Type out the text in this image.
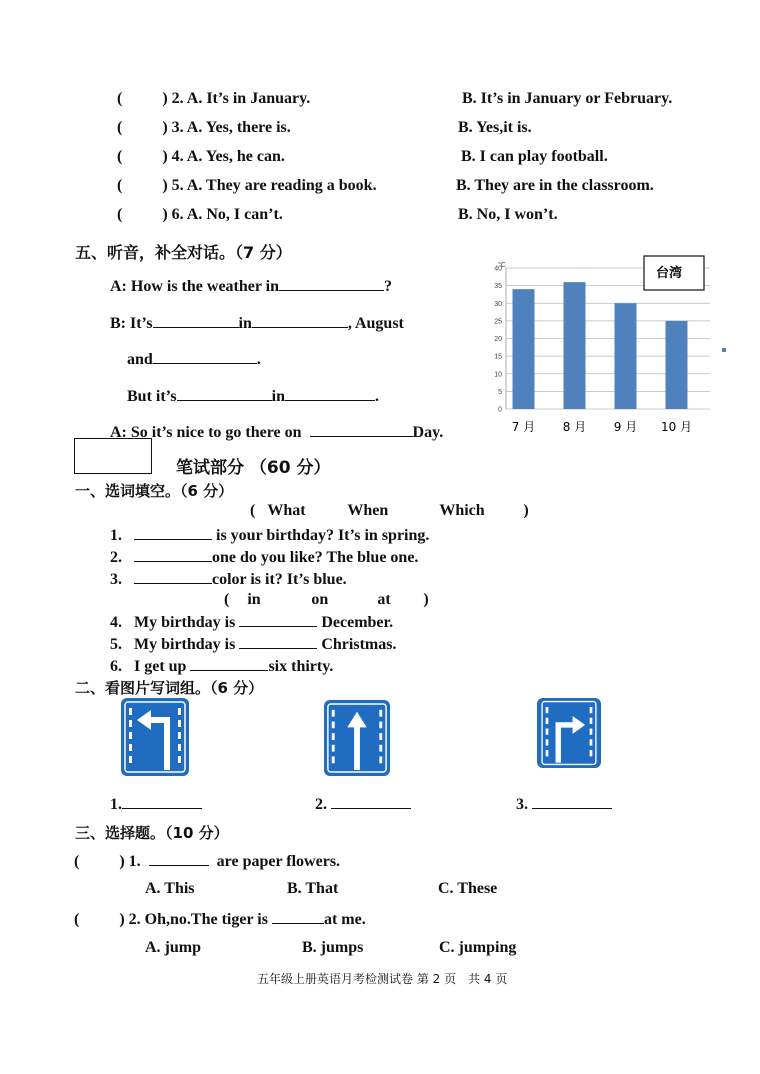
(	) 2. A. It’s in January.	B. It’s in January or February.
(	) 3. A. Yes, there is.	B. Yes,it is.
(	) 4. A. Yes, he can.	B. I can play football.
(	) 5. A. They are reading a book.	B. They are in the classroom.
(	) 6. A. No, I can’t.	B. No, I won’t.
五、听音，补全对话。（7 分）
A: How is the weather in	?
B: It’s	in	, August
and	.
But it’s	in	.
A: So it’s nice to go there on	Day.
0
5
10
15
20
25
30
35
40
7 月 8 月 9 月 10 月
°C
台湾
笔试部分 （60 分）
一、选词填空。（6 分）
( What	When	Which )
1.	is your birthday? It’s in spring.
2.	one do you like? The blue one.
3.	color is it? It’s blue.
( in	on	at )
4. My birthday is	December.
5. My birthday is	Christmas.
6. I get up	six thirty.
二、看图片写词组。（6 分）
1.	2.	3.
三、选择题。（10 分）
(	) 1.	are paper flowers.
A. This	B. That	C. These
(	) 2. Oh,no.The tiger is	at me.
A. jump	B. jumps	C. jumping
五年级上册英语月考检测试卷 第 2 页　共 4 页
